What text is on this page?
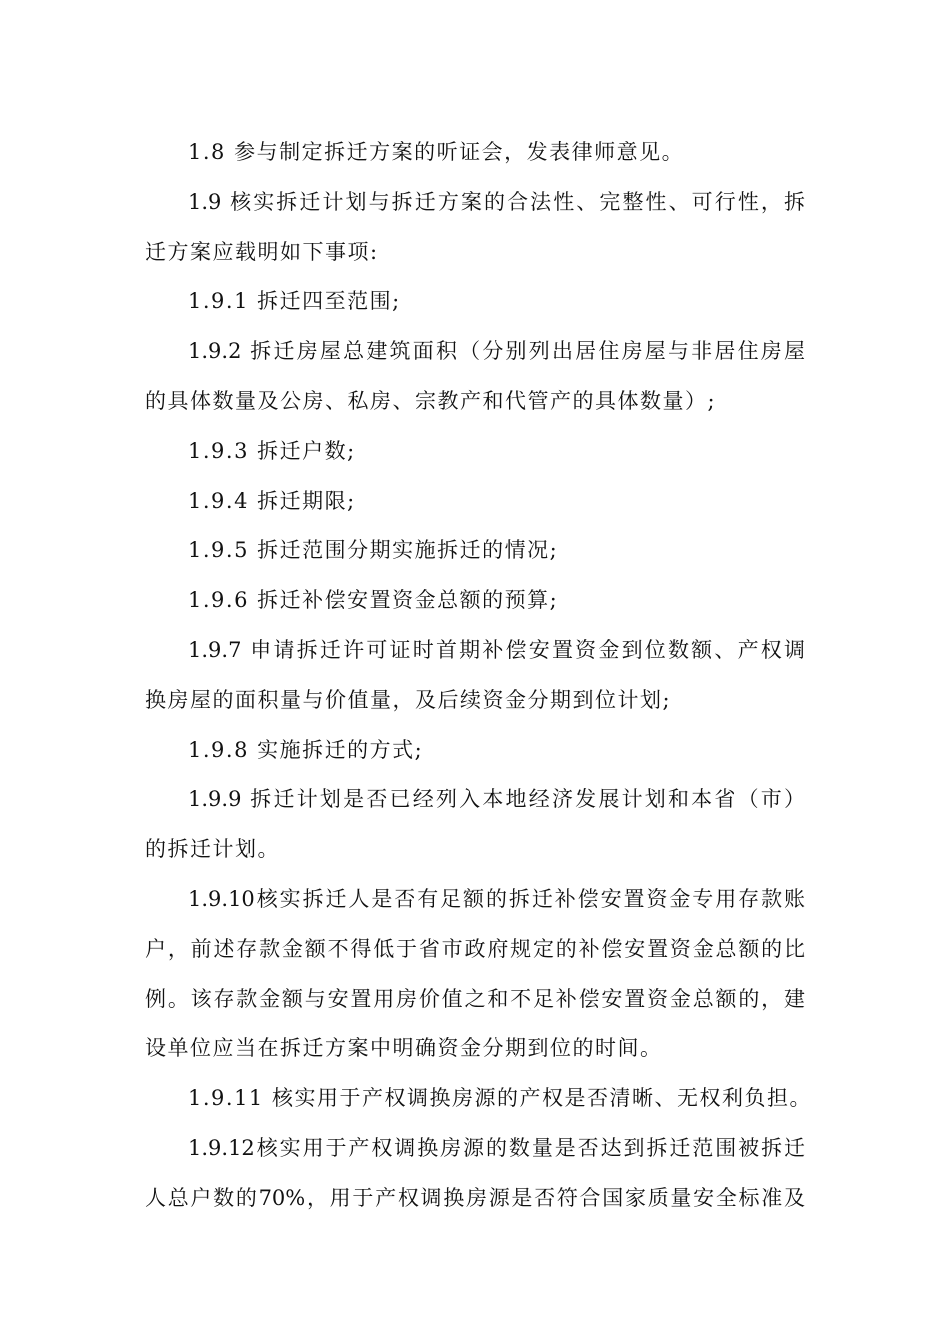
1.8 参与制定拆迁方案的听证会，发表律师意见。
1.9 核实拆迁计划与拆迁方案的合法性、完整性、可行性，拆
迁方案应载明如下事项:
1.9.1 拆迁四至范围;
1.9.2 拆迁房屋总建筑面积（分别列出居住房屋与非居住房屋
的具体数量及公房、私房、宗教产和代管产的具体数量）;
1.9.3 拆迁户数;
1.9.4 拆迁期限;
1.9.5 拆迁范围分期实施拆迁的情况;
1.9.6 拆迁补偿安置资金总额的预算;
1.9.7 申请拆迁许可证时首期补偿安置资金到位数额、产权调
换房屋的面积量与价值量，及后续资金分期到位计划;
1.9.8 实施拆迁的方式;
1.9.9 拆迁计划是否已经列入本地经济发展计划和本省（市）
的拆迁计划。
1.9.10核实拆迁人是否有足额的拆迁补偿安置资金专用存款账
户，前述存款金额不得低于省市政府规定的补偿安置资金总额的比
例。该存款金额与安置用房价值之和不足补偿安置资金总额的，建
设单位应当在拆迁方案中明确资金分期到位的时间。
1.9.11 核实用于产权调换房源的产权是否清晰、无权利负担。
1.9.12核实用于产权调换房源的数量是否达到拆迁范围被拆迁
人总户数的70%，用于产权调换房源是否符合国家质量安全标准及
